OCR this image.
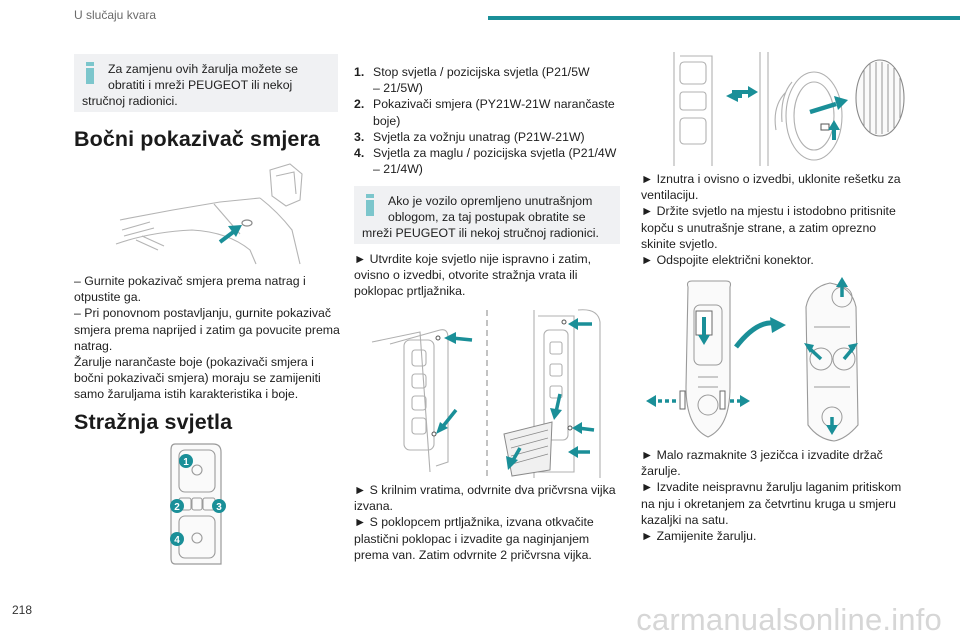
U slučaju kvara
Za zamjenu ovih žarulja možete se
obratiti i mreži PEUGEOT ili nekoj
stručnoj radionici.
Bočni pokazivač smjera
– Gurnite pokazivač smjera prema natrag i
otpustite ga.
– Pri ponovnom postavljanju, gurnite pokazivač
smjera prema naprijed i zatim ga povucite prema
natrag.
Žarulje narančaste boje (pokazivači smjera i
bočni pokazivači smjera) moraju se zamijeniti
samo žaruljama istih karakteristika i boje.
Stražnja svjetla
1
2	3
4
218
1. Stop svjetla / pozicijska svjetla (P21/5W
– 21/5W)
2. Pokazivači smjera (PY21W-21W narančaste
boje)
3. Svjetla za vožnju unatrag (P21W-21W)
4. Svjetla za maglu / pozicijska svjetla (P21/4W
– 21/4W)
Ako je vozilo opremljeno unutrašnjom
oblogom, za taj postupak obratite se
mreži PEUGEOT ili nekoj stručnoj radionici.
► Utvrdite koje svjetlo nije ispravno i zatim,
ovisno o izvedbi, otvorite stražnja vrata ili
poklopac prtljažnika.
► S krilnim vratima, odvrnite dva pričvrsna vijka
izvana.
► S poklopcem prtljažnika, izvana otkvačite
plastični poklopac i izvadite ga naginjanjem
prema van. Zatim odvrnite 2 pričvrsna vijka.
► Iznutra i ovisno o izvedbi, uklonite rešetku za
ventilaciju.
► Držite svjetlo na mjestu i istodobno pritisnite
kopču s unutrašnje strane, a zatim oprezno
skinite svjetlo.
► Odspojite električni konektor.
► Malo razmaknite 3 jezičca i izvadite držač
žarulje.
► Izvadite neispravnu žarulju laganim pritiskom
na nju i okretanjem za četvrtinu kruga u smjeru
kazaljki na satu.
► Zamijenite žarulju.
carmanualsonline.info
